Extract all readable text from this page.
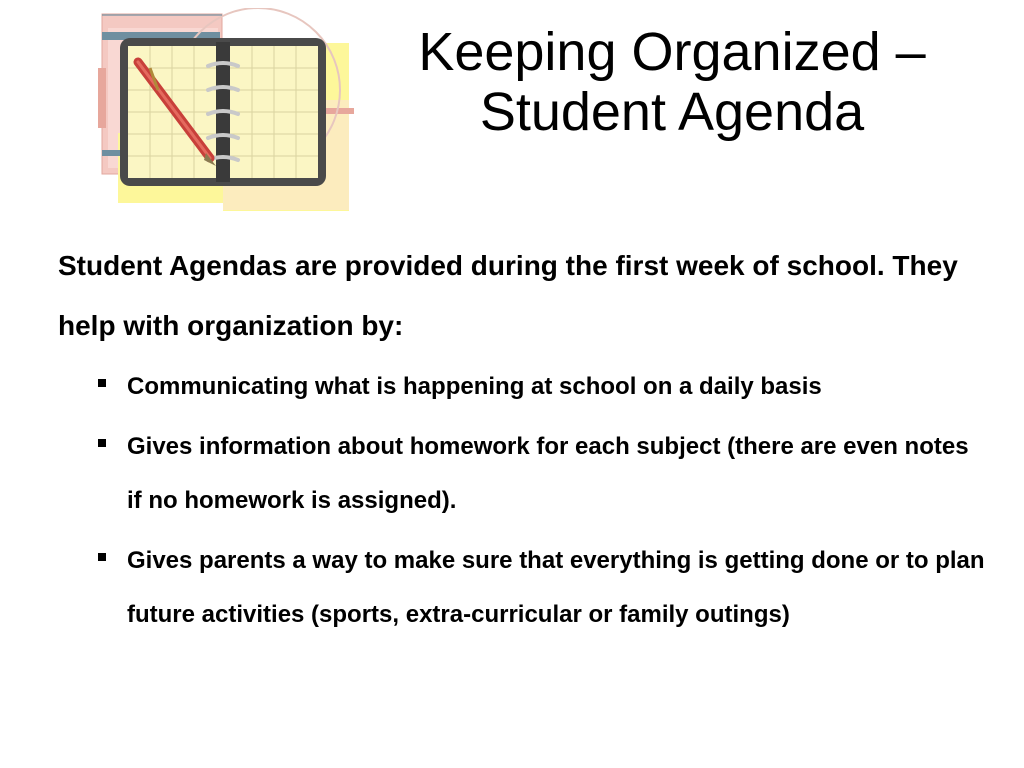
Keeping Organized –
Student Agenda
Student Agendas are provided during the first week of school. They help with organization by:
Communicating what is happening at school on a daily basis
Gives information about homework for each subject (there are even notes if no homework is assigned).
Gives parents a way to make sure that everything is getting done or to plan future activities (sports, extra-curricular or family outings)
